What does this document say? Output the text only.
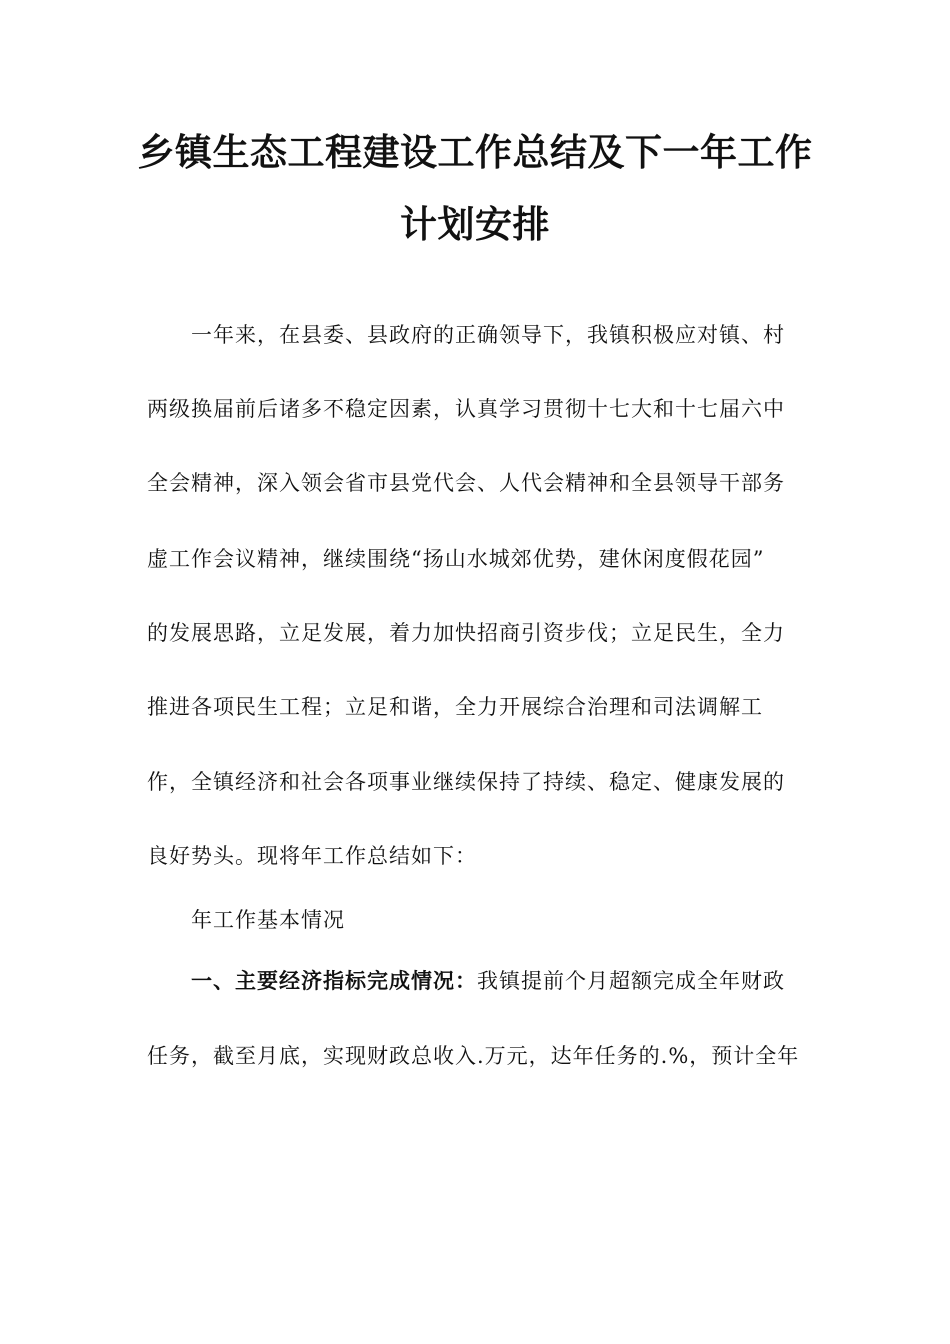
乡镇生态工程建设工作总结及下一年工作
计划安排
一年来，在县委、县政府的正确领导下，我镇积极应对镇、村
两级换届前后诸多不稳定因素，认真学习贯彻十七大和十七届六中
全会精神，深入领会省市县党代会、人代会精神和全县领导干部务
虚工作会议精神，继续围绕“扬山水城郊优势，建休闲度假花园”
的发展思路，立足发展，着力加快招商引资步伐；立足民生，全力
推进各项民生工程；立足和谐，全力开展综合治理和司法调解工
作，全镇经济和社会各项事业继续保持了持续、稳定、健康发展的
良好势头。现将年工作总结如下：
年工作基本情况
一、主要经济指标完成情况：我镇提前个月超额完成全年财政
任务，截至月底，实现财政总收入.万元，达年任务的.%，预计全年
